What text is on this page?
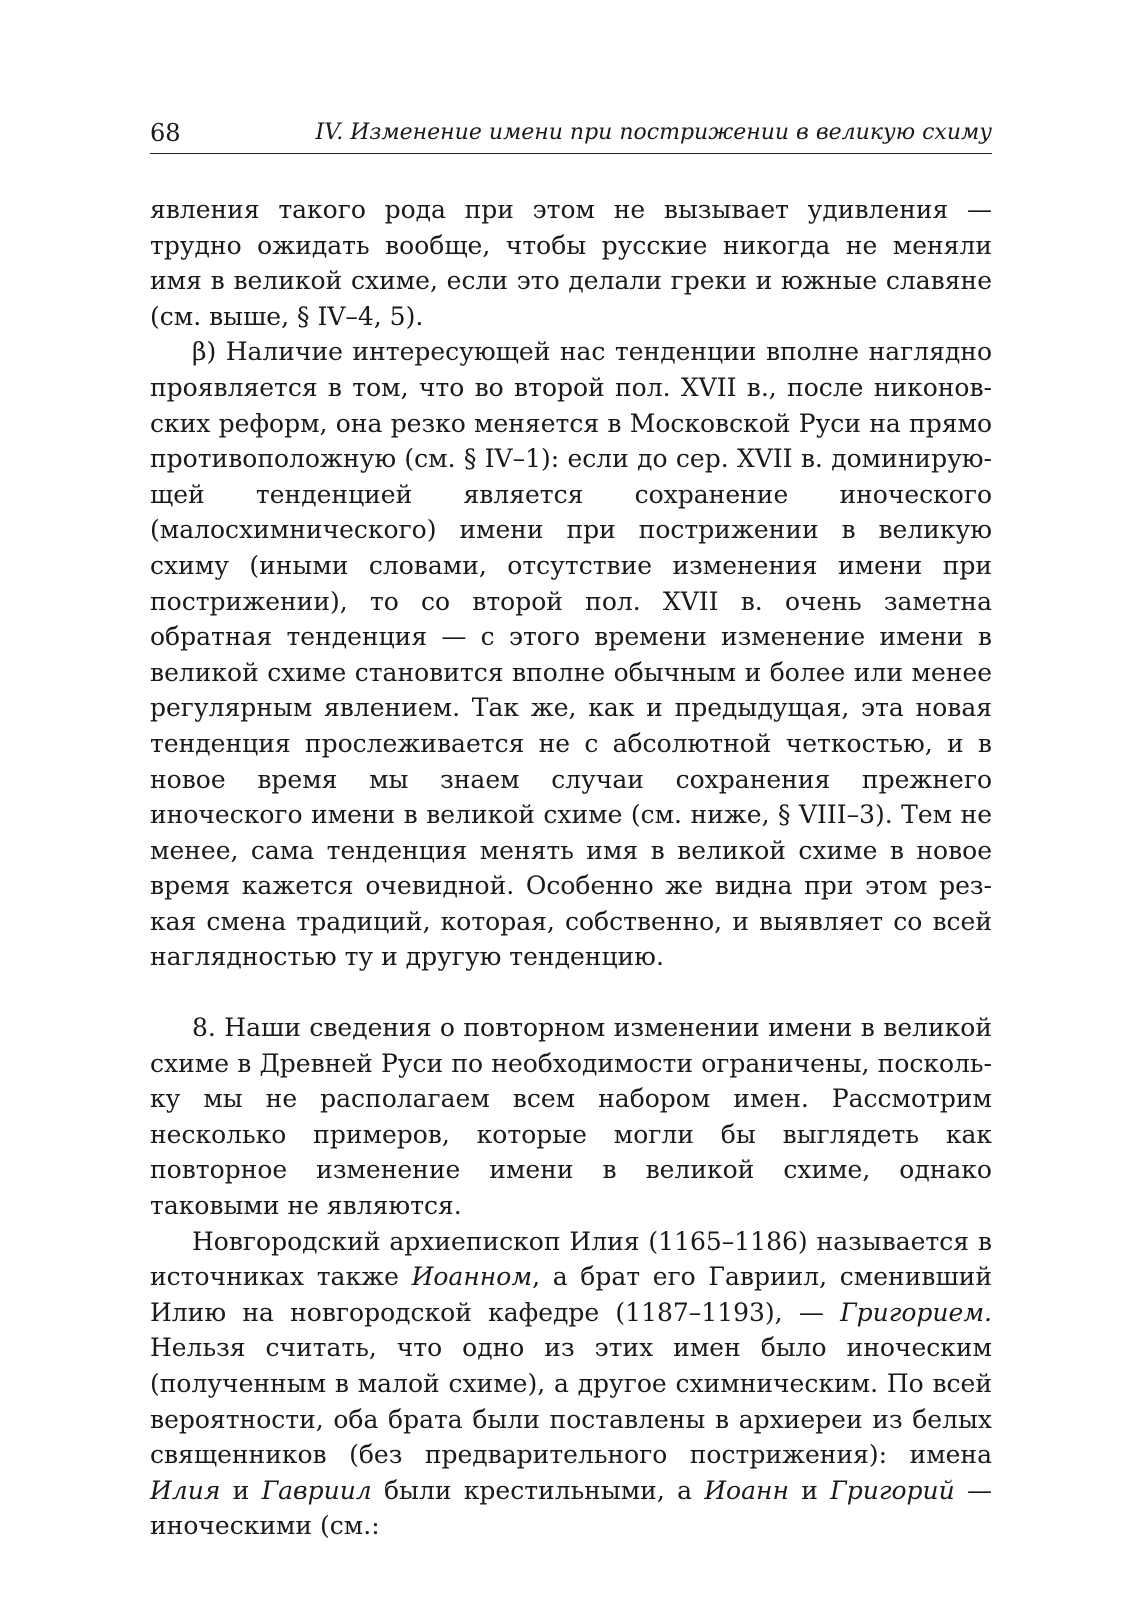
68	IV. Изменение имени при пострижении в великую схиму

явления такого рода при этом не вызывает удивления — трудно ожидать вообще, чтобы русские никогда не меняли имя в великой схиме, если это делали греки и южные славяне (см. выше, § IV–4, 5).

β) Наличие интересующей нас тенденции вполне наглядно проявляется в том, что во второй пол. XVII в., после никоновских реформ, она резко меняется в Московской Руси на прямо противоположную (см. § IV–1): если до сер. XVII в. доминирующей тенденцией является сохранение иноческого (малосхимнического) имени при пострижении в великую схиму (иными словами, отсутствие изменения имени при пострижении), то со второй пол. XVII в. очень заметна обратная тенденция — с этого времени изменение имени в великой схиме становится вполне обычным и более или менее регулярным явлением. Так же, как и предыдущая, эта новая тенденция прослеживается не с абсолютной четкостью, и в новое время мы знаем случаи сохранения прежнего иноческого имени в великой схиме (см. ниже, § VIII–3). Тем не менее, сама тенденция менять имя в великой схиме в новое время кажется очевидной. Особенно же видна при этом резкая смена традиций, которая, собственно, и выявляет со всей наглядностью ту и другую тенденцию.

8. Наши сведения о повторном изменении имени в великой схиме в Древней Руси по необходимости ограничены, поскольку мы не располагаем всем набором имен. Рассмотрим несколько примеров, которые могли бы выглядеть как повторное изменение имени в великой схиме, однако таковыми не являются.

Новгородский архиепископ Илия (1165–1186) называется в источниках также Иоанном, а брат его Гавриил, сменивший Илию на новгородской кафедре (1187–1193), — Григорием. Нельзя считать, что одно из этих имен было иноческим (полученным в малой схиме), а другое схимническим. По всей вероятности, оба брата были поставлены в архиереи из белых священников (без предварительного пострижения): имена Илия и Гавриил были крестильными, а Иоанн и Григорий — иноческими (см.:
